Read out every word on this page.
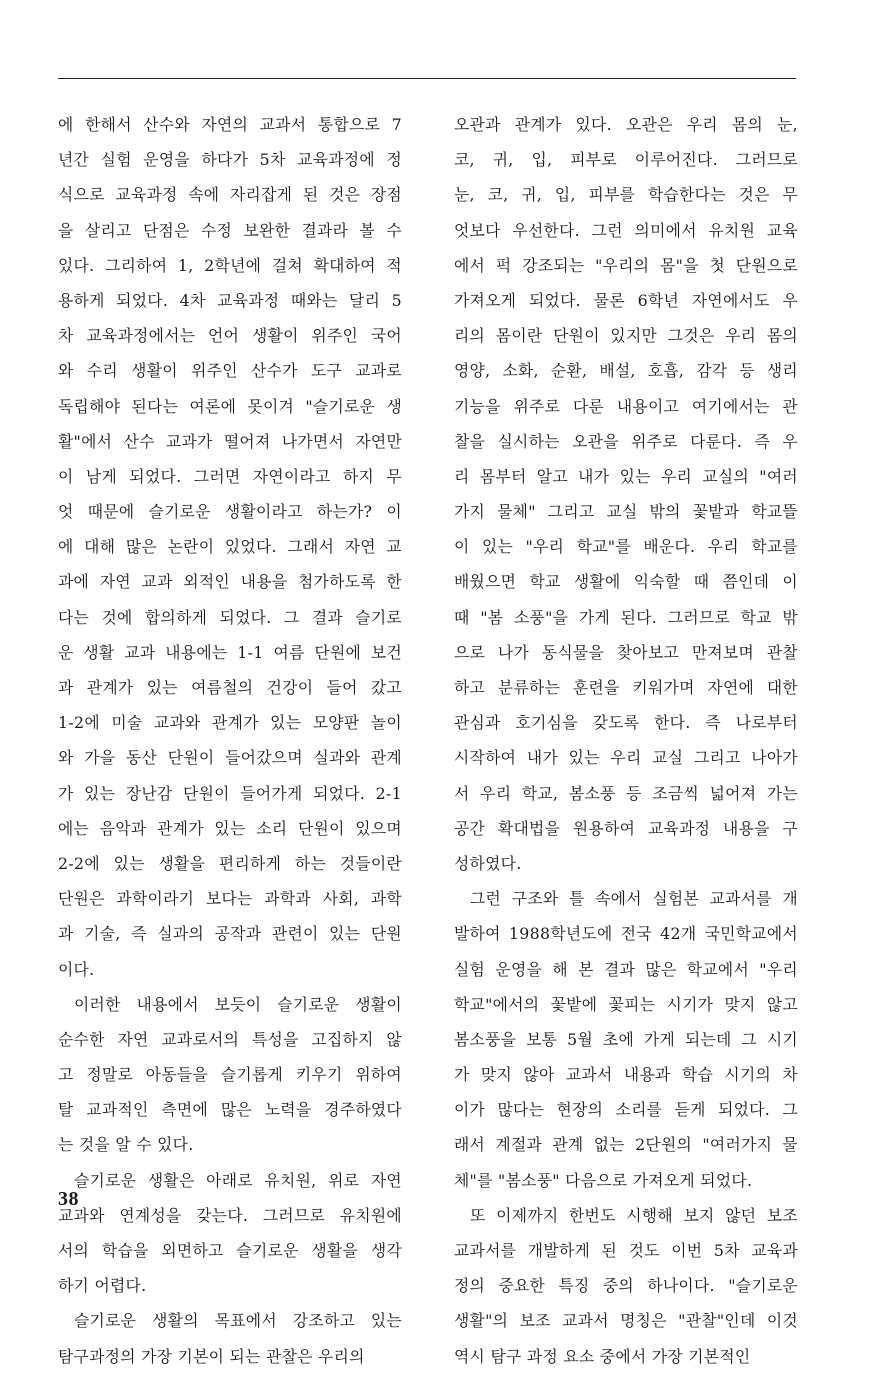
에 한해서 산수와 자연의 교과서 통합으로 7
년간 실험 운영을 하다가 5차 교육과정에 정
식으로 교육과정 속에 자리잡게 된 것은 장점
을 살리고 단점은 수정 보완한 결과라 볼 수
있다. 그리하여 1, 2학년에 걸쳐 확대하여 적
용하게 되었다. 4차 교육과정 때와는 달리 5
차 교육과정에서는 언어 생활이 위주인 국어
와 수리 생활이 위주인 산수가 도구 교과로
독립해야 된다는 여론에 못이겨 "슬기로운 생
활"에서 산수 교과가 떨어져 나가면서 자연만
이 남게 되었다. 그러면 자연이라고 하지 무
엇 때문에 슬기로운 생활이라고 하는가? 이
에 대해 많은 논란이 있었다. 그래서 자연 교
과에 자연 교과 외적인 내용을 첨가하도록 한
다는 것에 합의하게 되었다. 그 결과 슬기로
운 생활 교과 내용에는 1-1 여름 단원에 보건
과 관계가 있는 여름철의 건강이 들어 갔고
1-2에 미술 교과와 관계가 있는 모양판 놀이
와 가을 동산 단원이 들어갔으며 실과와 관계
가 있는 장난감 단원이 들어가게 되었다. 2-1
에는 음악과 관계가 있는 소리 단원이 있으며
2-2에 있는 생활을 편리하게 하는 것들이란
단원은 과학이라기 보다는 과학과 사회, 과학
과 기술, 즉 실과의 공작과 관련이 있는 단원
이다.
이러한 내용에서 보듯이 슬기로운 생활이
순수한 자연 교과로서의 특성을 고집하지 않
고 정말로 아동들을 슬기롭게 키우기 위하여
탈 교과적인 측면에 많은 노력을 경주하였다
는 것을 알 수 있다.
슬기로운 생활은 아래로 유치원, 위로 자연
교과와 연계성을 갖는다. 그러므로 유치원에
서의 학습을 외면하고 슬기로운 생활을 생각
하기 어렵다.
슬기로운 생활의 목표에서 강조하고 있는
탐구과정의 가장 기본이 되는 관찰은 우리의
오관과 관계가 있다. 오관은 우리 몸의 눈,
코, 귀, 입, 피부로 이루어진다. 그러므로
눈, 코, 귀, 입, 피부를 학습한다는 것은 무
엇보다 우선한다. 그런 의미에서 유치원 교육
에서 퍽 강조되는 "우리의 몸"을 첫 단원으로
가져오게 되었다. 물론 6학년 자연에서도 우
리의 몸이란 단원이 있지만 그것은 우리 몸의
영양, 소화, 순환, 배설, 호흡, 감각 등 생리
기능을 위주로 다룬 내용이고 여기에서는 관
찰을 실시하는 오관을 위주로 다룬다. 즉 우
리 몸부터 알고 내가 있는 우리 교실의 "여러
가지 물체" 그리고 교실 밖의 꽃밭과 학교뜰
이 있는 "우리 학교"를 배운다. 우리 학교를
배웠으면 학교 생활에 익숙할 때 쯤인데 이
때 "봄 소풍"을 가게 된다. 그러므로 학교 밖
으로 나가 동식물을 찾아보고 만져보며 관찰
하고 분류하는 훈련을 키워가며 자연에 대한
관심과 호기심을 갖도록 한다. 즉 나로부터
시작하여 내가 있는 우리 교실 그리고 나아가
서 우리 학교, 봄소풍 등 조금씩 넓어져 가는
공간 확대법을 원용하여 교육과정 내용을 구
성하였다.
그런 구조와 틀 속에서 실험본 교과서를 개
발하여 1988학년도에 전국 42개 국민학교에서
실험 운영을 해 본 결과 많은 학교에서 "우리
학교"에서의 꽃밭에 꽃피는 시기가 맞지 않고
봄소풍을 보통 5월 초에 가게 되는데 그 시기
가 맞지 않아 교과서 내용과 학습 시기의 차
이가 많다는 현장의 소리를 듣게 되었다. 그
래서 계절과 관계 없는 2단원의 "여러가지 물
체"를 "봄소풍" 다음으로 가져오게 되었다.
또 이제까지 한번도 시행해 보지 않던 보조
교과서를 개발하게 된 것도 이번 5차 교육과
정의 중요한 특징 중의 하나이다. "슬기로운
생활"의 보조 교과서 명칭은 "관찰"인데 이것
역시 탐구 과정 요소 중에서 가장 기본적인
38
